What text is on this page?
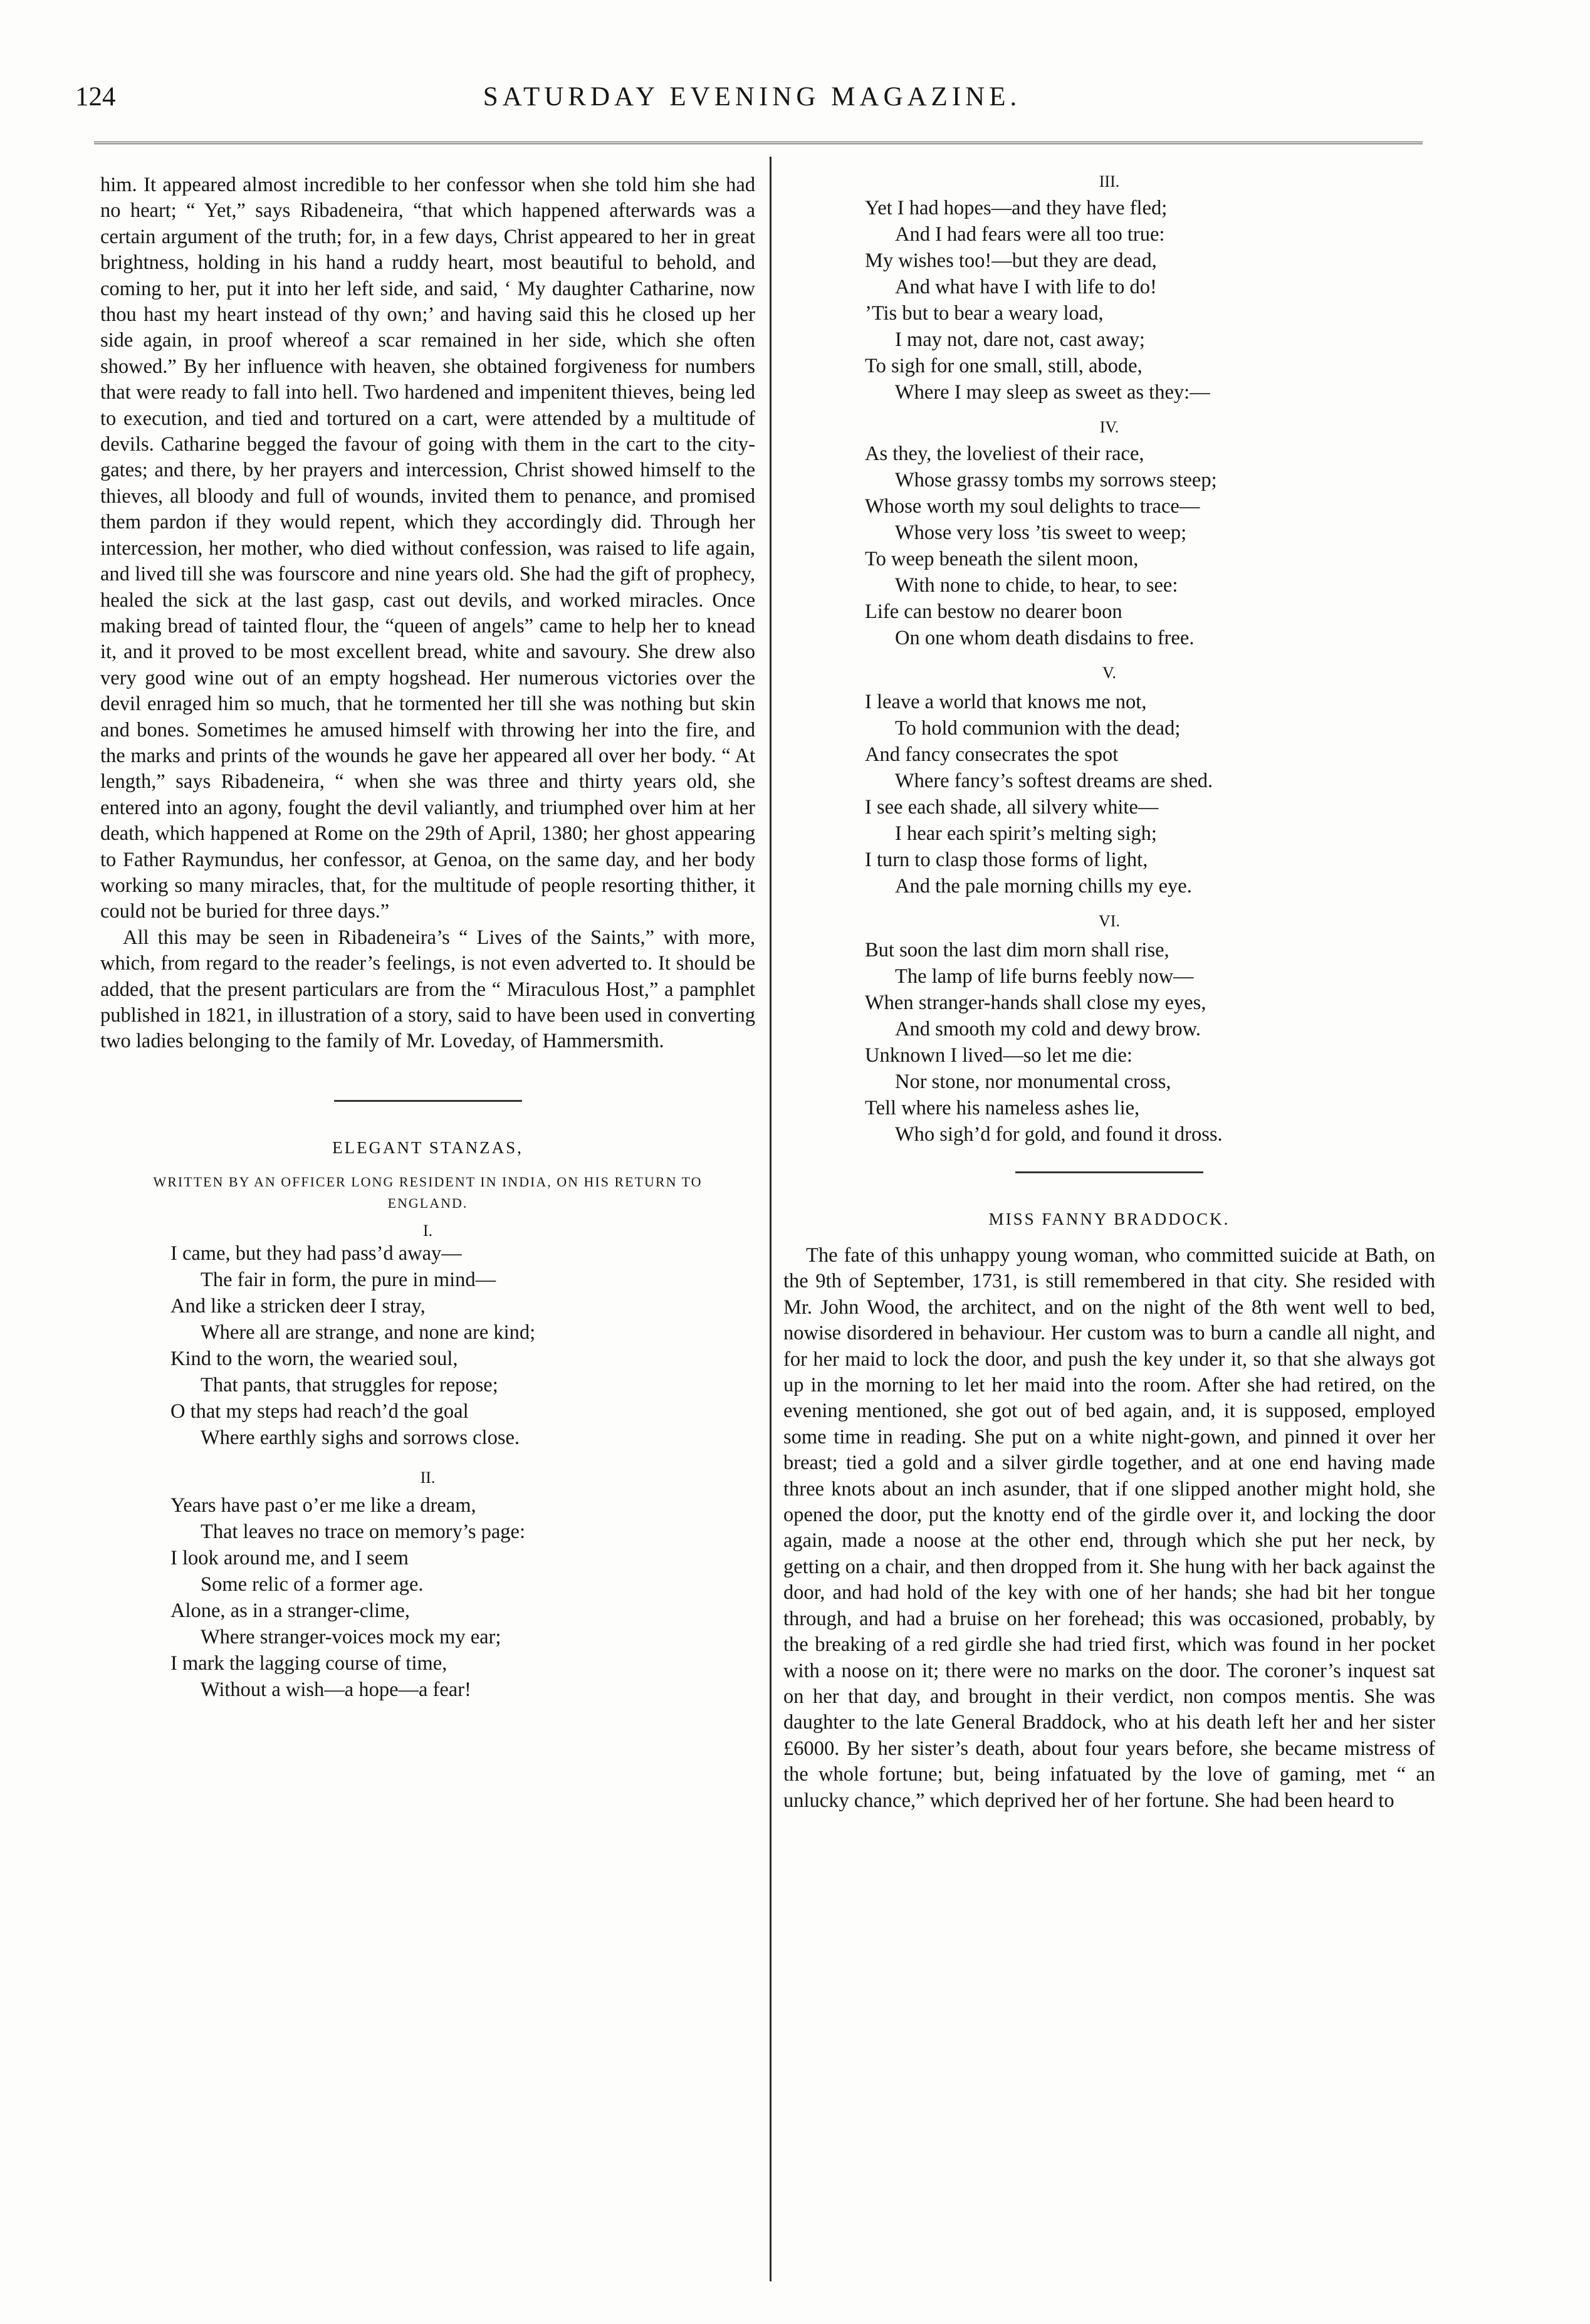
124	SATURDAY EVENING MAGAZINE.

him. It appeared almost incredible to her confessor when she told him she had no heart; “ Yet,” says Ribadeneira, “that which happened afterwards was a certain argument of the truth; for, in a few days, Christ appeared to her in great brightness, holding in his hand a ruddy heart, most beautiful to behold, and coming to her, put it into her left side, and said, ‘ My daughter Catharine, now thou hast my heart instead of thy own;’ and having said this he closed up her side again, in proof whereof a scar remained in her side, which she often showed.” By her influence with heaven, she obtained forgiveness for numbers that were ready to fall into hell. Two hardened and impenitent thieves, being led to execution, and tied and tortured on a cart, were attended by a multitude of devils. Catharine begged the favour of going with them in the cart to the city-gates; and there, by her prayers and intercession, Christ showed himself to the thieves, all bloody and full of wounds, invited them to penance, and promised them pardon if they would repent, which they accordingly did. Through her intercession, her mother, who died without confession, was raised to life again, and lived till she was fourscore and nine years old. She had the gift of prophecy, healed the sick at the last gasp, cast out devils, and worked miracles. Once making bread of tainted flour, the “queen of angels” came to help her to knead it, and it proved to be most excellent bread, white and savoury. She drew also very good wine out of an empty hogshead. Her numerous victories over the devil enraged him so much, that he tormented her till she was nothing but skin and bones. Sometimes he amused himself with throwing her into the fire, and the marks and prints of the wounds he gave her appeared all over her body. “ At length,” says Ribadeneira, “ when she was three and thirty years old, she entered into an agony, fought the devil valiantly, and triumphed over him at her death, which happened at Rome on the 29th of April, 1380; her ghost appearing to Father Raymundus, her confessor, at Genoa, on the same day, and her body working so many miracles, that, for the multitude of people resorting thither, it could not be buried for three days.”

All this may be seen in Ribadeneira’s “ Lives of the Saints,” with more, which, from regard to the reader’s feelings, is not even adverted to. It should be added, that the present particulars are from the “ Miraculous Host,” a pamphlet published in 1821, in illustration of a story, said to have been used in converting two ladies belonging to the family of Mr. Loveday, of Hammersmith.

ELEGANT STANZAS,

WRITTEN BY AN OFFICER LONG RESIDENT IN INDIA, ON HIS RETURN TO ENGLAND.

I.

I came, but they had pass’d away—
The fair in form, the pure in mind—
And like a stricken deer I stray,
Where all are strange, and none are kind;
Kind to the worn, the wearied soul,
That pants, that struggles for repose;
O that my steps had reach’d the goal
Where earthly sighs and sorrows close.

II.

Years have past o’er me like a dream,
That leaves no trace on memory’s page:
I look around me, and I seem
Some relic of a former age.
Alone, as in a stranger-clime,
Where stranger-voices mock my ear;
I mark the lagging course of time,
Without a wish—a hope—a fear!

III.

Yet I had hopes—and they have fled;
And I had fears were all too true:
My wishes too!—but they are dead,
And what have I with life to do!
’Tis but to bear a weary load,
I may not, dare not, cast away;
To sigh for one small, still, abode,
Where I may sleep as sweet as they:—

IV.

As they, the loveliest of their race,
Whose grassy tombs my sorrows steep;
Whose worth my soul delights to trace—
Whose very loss ’tis sweet to weep;
To weep beneath the silent moon,
With none to chide, to hear, to see:
Life can bestow no dearer boon
On one whom death disdains to free.

V.

I leave a world that knows me not,
To hold communion with the dead;
And fancy consecrates the spot
Where fancy’s softest dreams are shed.
I see each shade, all silvery white—
I hear each spirit’s melting sigh;
I turn to clasp those forms of light,
And the pale morning chills my eye.

VI.

But soon the last dim morn shall rise,
The lamp of life burns feebly now—
When stranger-hands shall close my eyes,
And smooth my cold and dewy brow.
Unknown I lived—so let me die:
Nor stone, nor monumental cross,
Tell where his nameless ashes lie,
Who sigh’d for gold, and found it dross.

MISS FANNY BRADDOCK.

The fate of this unhappy young woman, who committed suicide at Bath, on the 9th of September, 1731, is still remembered in that city. She resided with Mr. John Wood, the architect, and on the night of the 8th went well to bed, nowise disordered in behaviour. Her custom was to burn a candle all night, and for her maid to lock the door, and push the key under it, so that she always got up in the morning to let her maid into the room. After she had retired, on the evening mentioned, she got out of bed again, and, it is supposed, employed some time in reading. She put on a white night-gown, and pinned it over her breast; tied a gold and a silver girdle together, and at one end having made three knots about an inch asunder, that if one slipped another might hold, she opened the door, put the knotty end of the girdle over it, and locking the door again, made a noose at the other end, through which she put her neck, by getting on a chair, and then dropped from it. She hung with her back against the door, and had hold of the key with one of her hands; she had bit her tongue through, and had a bruise on her forehead; this was occasioned, probably, by the breaking of a red girdle she had tried first, which was found in her pocket with a noose on it; there were no marks on the door. The coroner’s inquest sat on her that day, and brought in their verdict, non compos mentis. She was daughter to the late General Braddock, who at his death left her and her sister £6000. By her sister’s death, about four years before, she became mistress of the whole fortune; but, being infatuated by the love of gaming, met “ an unlucky chance,” which deprived her of her fortune. She had been heard to
